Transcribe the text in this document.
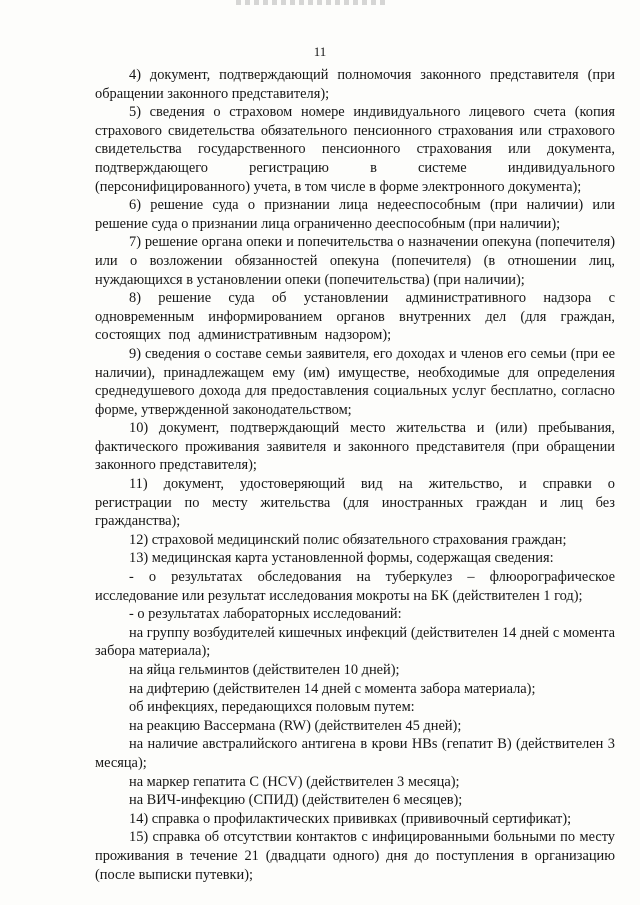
11

4) документ, подтверждающий полномочия законного представителя (при обращении законного представителя);

5) сведения о страховом номере индивидуального лицевого счета (копия страхового свидетельства обязательного пенсионного страхования или страхового свидетельства государственного пенсионного страхования или документа, подтверждающего регистрацию в системе индивидуального (персонифицированного) учета, в том числе в форме электронного документа);

6) решение суда о признании лица недееспособным (при наличии) или решение суда о признании лица ограниченно дееспособным (при наличии);

7) решение органа опеки и попечительства о назначении опекуна (попечителя) или о возложении обязанностей опекуна (попечителя) (в отношении лиц, нуждающихся в установлении опеки (попечительства) (при наличии);

8) решение суда об установлении административного надзора с одновременным информированием органов внутренних дел (для граждан, состоящих под административным надзором);

9) сведения о составе семьи заявителя, его доходах и членов его семьи (при ее наличии), принадлежащем ему (им) имуществе, необходимые для определения среднедушевого дохода для предоставления социальных услуг бесплатно, согласно форме, утвержденной законодательством;

10) документ, подтверждающий место жительства и (или) пребывания, фактического проживания заявителя и законного представителя (при обращении законного представителя);

11) документ, удостоверяющий вид на жительство, и справки о регистрации по месту жительства (для иностранных граждан и лиц без гражданства);

12) страховой медицинский полис обязательного страхования граждан;

13) медицинская карта установленной формы, содержащая сведения:

- о результатах обследования на туберкулез – флюорографическое исследование или результат исследования мокроты на БК (действителен 1 год);

- о результатах лабораторных исследований:

на группу возбудителей кишечных инфекций (действителен 14 дней с момента забора материала);

на яйца гельминтов (действителен 10 дней);

на дифтерию (действителен 14 дней с момента забора материала);

об инфекциях, передающихся половым путем:

на реакцию Вассермана (RW) (действителен 45 дней);

на наличие австралийского антигена в крови HBs (гепатит В) (действителен 3 месяца);

на маркер гепатита С (HCV) (действителен 3 месяца);

на ВИЧ-инфекцию (СПИД) (действителен 6 месяцев);

14) справка о профилактических прививках (прививочный сертификат);

15) справка об отсутствии контактов с инфицированными больными по месту проживания в течение 21 (двадцати одного) дня до поступления в организацию (после выписки путевки);
